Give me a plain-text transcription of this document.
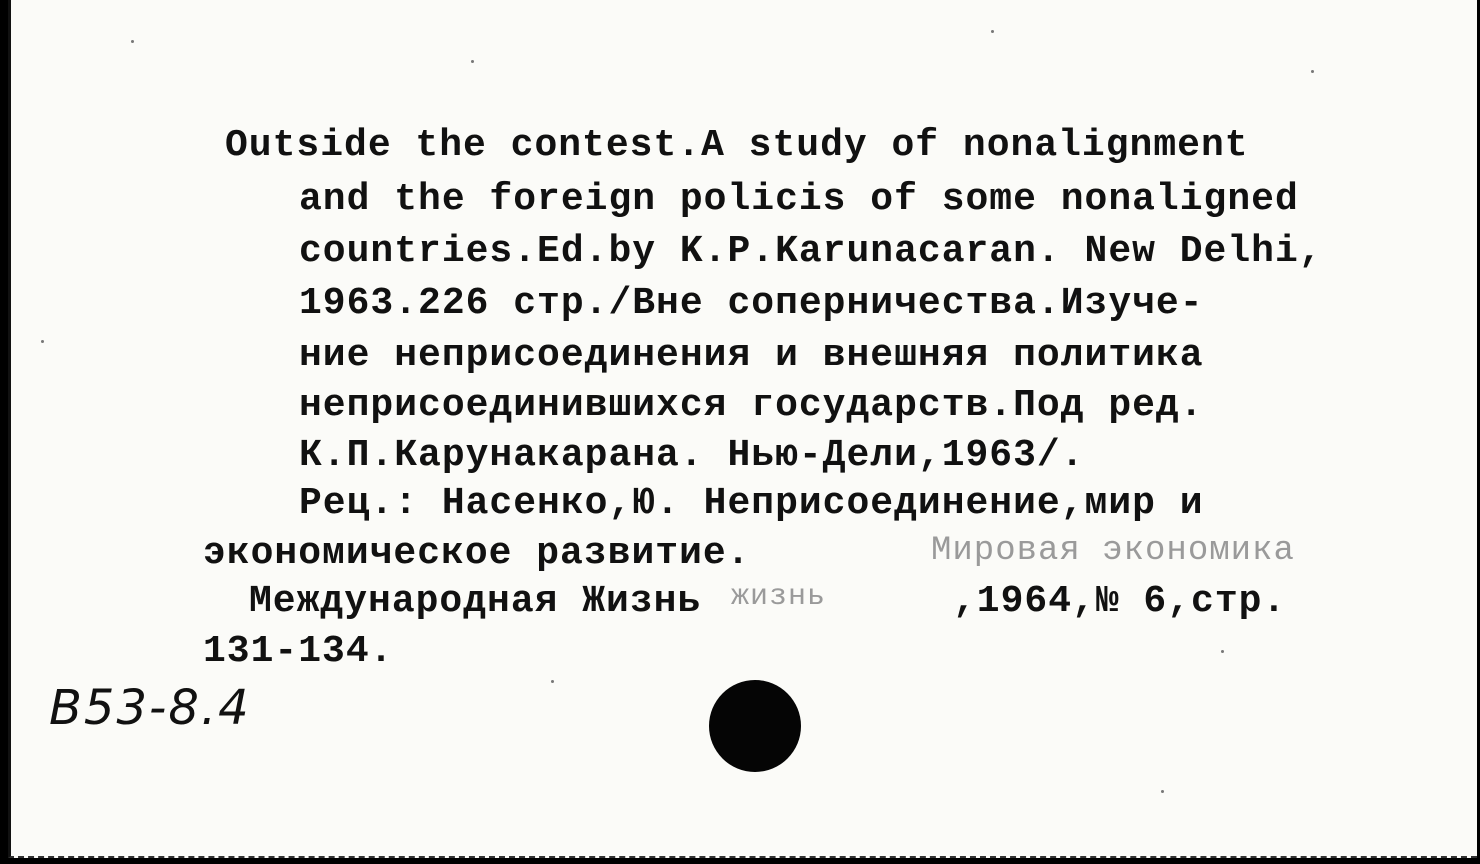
Outside the contest.A study of nonalignment
and the foreign policis of some nonaligned
countries.Ed.by K.P.Karunacaran. New Delhi,
1963.226 стр./Вне соперничества.Изуче-
ние неприсоединения и внешняя политика
неприсоединившихся государств.Под ред.
К.П.Карунакарана. Нью-Дели,1963/.
Рец.: Насенко,Ю. Неприсоединение,мир и
экономическое развитие.	Мировая экономика
Международная Жизнь жизнь	,1964,№ 6,стр.
131-134.
B53-8.4
